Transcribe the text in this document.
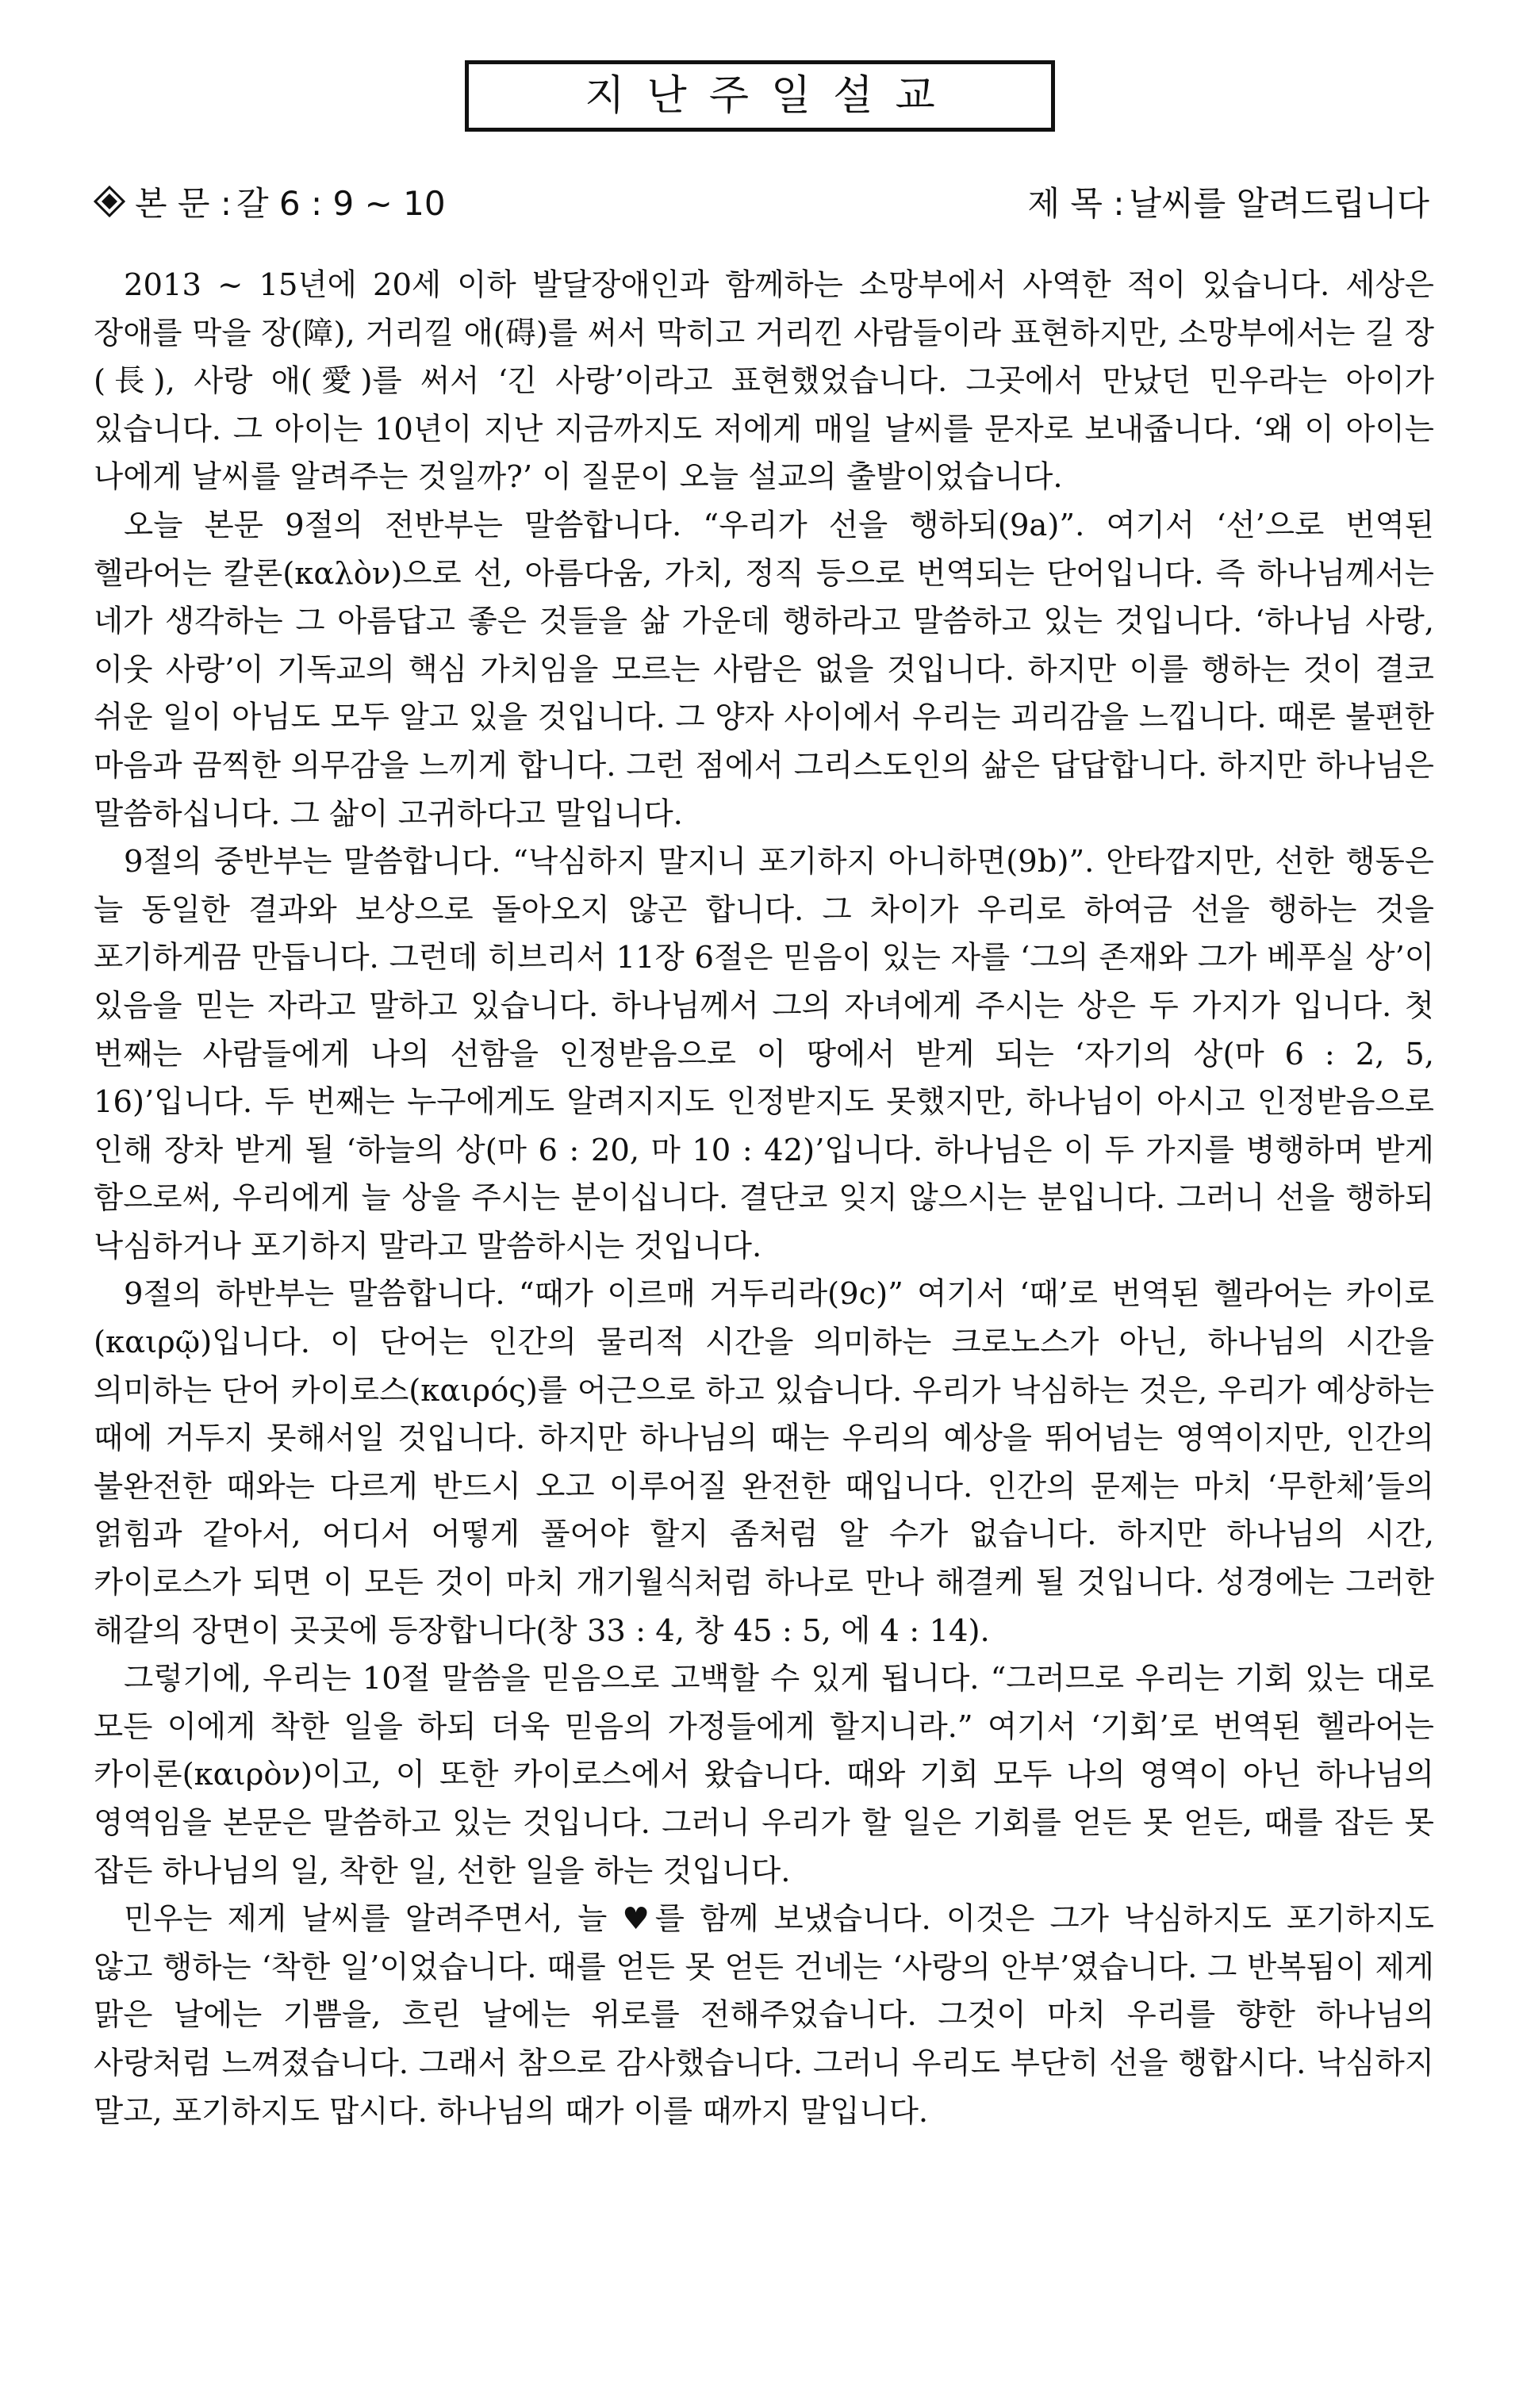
지난주일설교
본 문 : 갈 6 : 9 ~ 10	제 목 : 날씨를 알려드립니다

2013 ~ 15년에 20세 이하 발달장애인과 함께하는 소망부에서 사역한 적이 있습니다. 세상은 장애를 막을 장(障), 거리낄 애(碍)를 써서 막히고 거리낀 사람들이라 표현하지만, 소망부에서는 길 장(長), 사랑 애(愛)를 써서 ‘긴 사랑’이라고 표현했었습니다. 그곳에서 만났던 민우라는 아이가 있습니다. 그 아이는 10년이 지난 지금까지도 저에게 매일 날씨를 문자로 보내줍니다. ‘왜 이 아이는 나에게 날씨를 알려주는 것일까?’ 이 질문이 오늘 설교의 출발이었습니다.

오늘 본문 9절의 전반부는 말씀합니다. “우리가 선을 행하되(9a)”. 여기서 ‘선’으로 번역된 헬라어는 칼론(καλὸν)으로 선, 아름다움, 가치, 정직 등으로 번역되는 단어입니다. 즉 하나님께서는 네가 생각하는 그 아름답고 좋은 것들을 삶 가운데 행하라고 말씀하고 있는 것입니다. ‘하나님 사랑, 이웃 사랑’이 기독교의 핵심 가치임을 모르는 사람은 없을 것입니다. 하지만 이를 행하는 것이 결코 쉬운 일이 아님도 모두 알고 있을 것입니다. 그 양자 사이에서 우리는 괴리감을 느낍니다. 때론 불편한 마음과 끔찍한 의무감을 느끼게 합니다. 그런 점에서 그리스도인의 삶은 답답합니다. 하지만 하나님은 말씀하십니다. 그 삶이 고귀하다고 말입니다.

9절의 중반부는 말씀합니다. “낙심하지 말지니 포기하지 아니하면(9b)”. 안타깝지만, 선한 행동은 늘 동일한 결과와 보상으로 돌아오지 않곤 합니다. 그 차이가 우리로 하여금 선을 행하는 것을 포기하게끔 만듭니다. 그런데 히브리서 11장 6절은 믿음이 있는 자를 ‘그의 존재와 그가 베푸실 상’이 있음을 믿는 자라고 말하고 있습니다. 하나님께서 그의 자녀에게 주시는 상은 두 가지가 입니다. 첫 번째는 사람들에게 나의 선함을 인정받음으로 이 땅에서 받게 되는 ‘자기의 상(마 6 : 2, 5, 16)’입니다. 두 번째는 누구에게도 알려지지도 인정받지도 못했지만, 하나님이 아시고 인정받음으로 인해 장차 받게 될 ‘하늘의 상(마 6 : 20, 마 10 : 42)’입니다. 하나님은 이 두 가지를 병행하며 받게 함으로써, 우리에게 늘 상을 주시는 분이십니다. 결단코 잊지 않으시는 분입니다. 그러니 선을 행하되 낙심하거나 포기하지 말라고 말씀하시는 것입니다.

9절의 하반부는 말씀합니다. “때가 이르매 거두리라(9c)” 여기서 ‘때’로 번역된 헬라어는 카이로(καιρῷ)입니다. 이 단어는 인간의 물리적 시간을 의미하는 크로노스가 아닌, 하나님의 시간을 의미하는 단어 카이로스(καιρός)를 어근으로 하고 있습니다. 우리가 낙심하는 것은, 우리가 예상하는 때에 거두지 못해서일 것입니다. 하지만 하나님의 때는 우리의 예상을 뛰어넘는 영역이지만, 인간의 불완전한 때와는 다르게 반드시 오고 이루어질 완전한 때입니다. 인간의 문제는 마치 ‘무한체’들의 얽힘과 같아서, 어디서 어떻게 풀어야 할지 좀처럼 알 수가 없습니다. 하지만 하나님의 시간, 카이로스가 되면 이 모든 것이 마치 개기월식처럼 하나로 만나 해결케 될 것입니다. 성경에는 그러한 해갈의 장면이 곳곳에 등장합니다(창 33 : 4, 창 45 : 5, 에 4 : 14).

그렇기에, 우리는 10절 말씀을 믿음으로 고백할 수 있게 됩니다. “그러므로 우리는 기회 있는 대로 모든 이에게 착한 일을 하되 더욱 믿음의 가정들에게 할지니라.” 여기서 ‘기회’로 번역된 헬라어는 카이론(καιρὸν)이고, 이 또한 카이로스에서 왔습니다. 때와 기회 모두 나의 영역이 아닌 하나님의 영역임을 본문은 말씀하고 있는 것입니다. 그러니 우리가 할 일은 기회를 얻든 못 얻든, 때를 잡든 못 잡든 하나님의 일, 착한 일, 선한 일을 하는 것입니다.

민우는 제게 날씨를 알려주면서, 늘 ♥를 함께 보냈습니다. 이것은 그가 낙심하지도 포기하지도 않고 행하는 ‘착한 일’이었습니다. 때를 얻든 못 얻든 건네는 ‘사랑의 안부’였습니다. 그 반복됨이 제게 맑은 날에는 기쁨을, 흐린 날에는 위로를 전해주었습니다. 그것이 마치 우리를 향한 하나님의 사랑처럼 느껴졌습니다. 그래서 참으로 감사했습니다. 그러니 우리도 부단히 선을 행합시다. 낙심하지 말고, 포기하지도 맙시다. 하나님의 때가 이를 때까지 말입니다.
